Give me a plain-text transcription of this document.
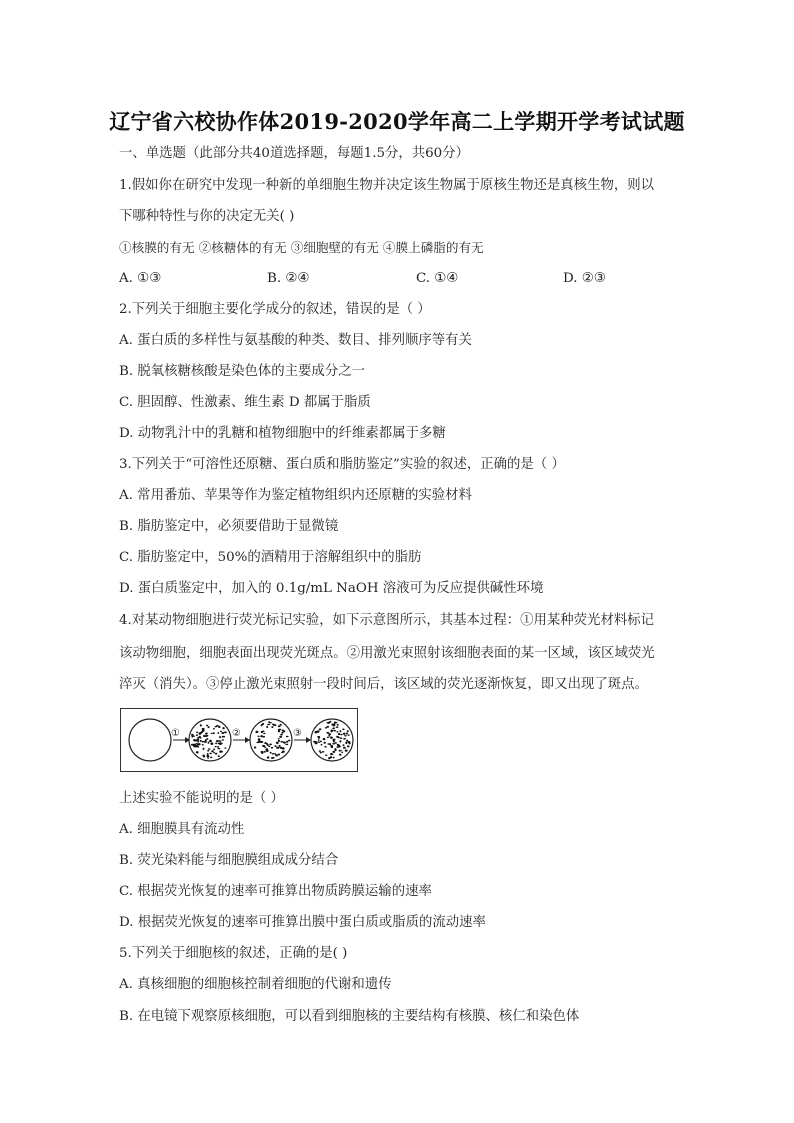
辽宁省六校协作体2019-2020学年高二上学期开学考试试题
一、单选题（此部分共40道选择题，每题1.5分，共60分）
1.假如你在研究中发现一种新的单细胞生物并决定该生物属于原核生物还是真核生物，则以
下哪种特性与你的决定无关( )
①核膜的有无 ②核糖体的有无 ③细胞壁的有无 ④膜上磷脂的有无
A. ①③	B. ②④	C. ①④	D. ②③
2.下列关于细胞主要化学成分的叙述，错误的是（ ）
A. 蛋白质的多样性与氨基酸的种类、数目、排列顺序等有关
B. 脱氧核糖核酸是染色体的主要成分之一
C. 胆固醇、性激素、维生素 D 都属于脂质
D. 动物乳汁中的乳糖和植物细胞中的纤维素都属于多糖
3.下列关于“可溶性还原糖、蛋白质和脂肪鉴定”实验的叙述，正确的是（ ）
A. 常用番茄、苹果等作为鉴定植物组织内还原糖的实验材料
B. 脂肪鉴定中，必须要借助于显微镜
C. 脂肪鉴定中，50%的酒精用于溶解组织中的脂肪
D. 蛋白质鉴定中，加入的 0.1g/mL NaOH 溶液可为反应提供碱性环境
4.对某动物细胞进行荧光标记实验，如下示意图所示，其基本过程：①用某种荧光材料标记
该动物细胞，细胞表面出现荧光斑点。②用激光束照射该细胞表面的某一区域，该区域荧光
淬灭（消失）。③停止激光束照射一段时间后，该区域的荧光逐渐恢复，即又出现了斑点。
①	②	③
上述实验不能说明的是（ ）
A. 细胞膜具有流动性
B. 荧光染料能与细胞膜组成成分结合
C. 根据荧光恢复的速率可推算出物质跨膜运输的速率
D. 根据荧光恢复的速率可推算出膜中蛋白质或脂质的流动速率
5.下列关于细胞核的叙述，正确的是( )
A. 真核细胞的细胞核控制着细胞的代谢和遗传
B. 在电镜下观察原核细胞，可以看到细胞核的主要结构有核膜、核仁和染色体
